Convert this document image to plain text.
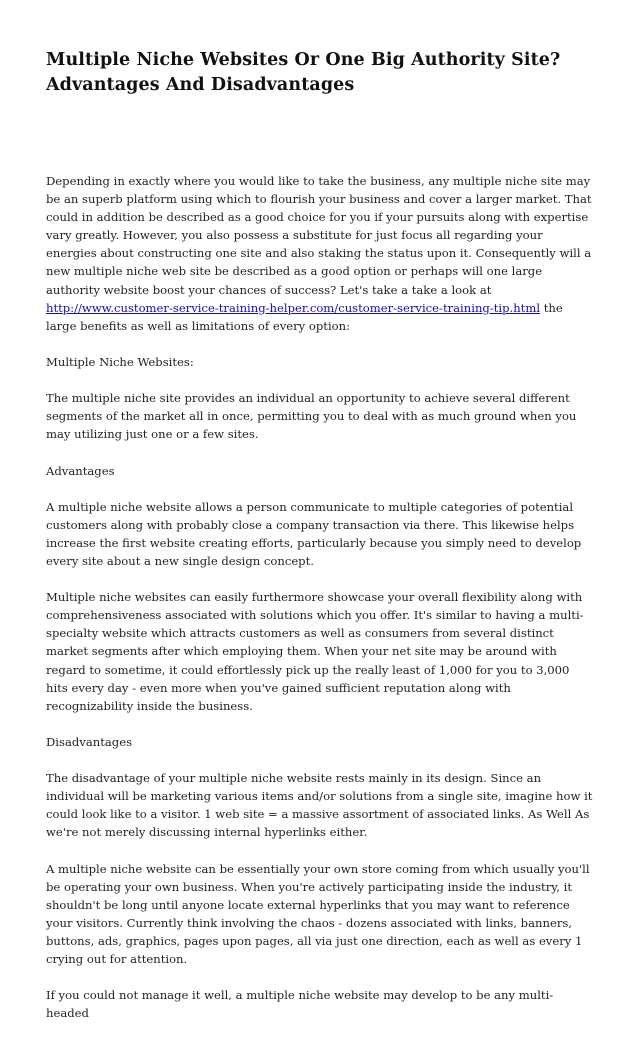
Multiple Niche Websites Or One Big Authority Site?
Advantages And Disadvantages

Depending in exactly where you would like to take the business, any multiple niche site may be an superb platform using which to flourish your business and cover a larger market. That could in addition be described as a good choice for you if your pursuits along with expertise vary greatly. However, you also possess a substitute for just focus all regarding your energies about constructing one site and also staking the status upon it. Consequently will a new multiple niche web site be described as a good option or perhaps will one large authority website boost your chances of success? Let's take a take a look at http://www.customer-service-training-helper.com/customer-service-training-tip.html the large benefits as well as limitations of every option:

Multiple Niche Websites:

The multiple niche site provides an individual an opportunity to achieve several different segments of the market all in once, permitting you to deal with as much ground when you may utilizing just one or a few sites.

Advantages

A multiple niche website allows a person communicate to multiple categories of potential customers along with probably close a company transaction via there. This likewise helps increase the first website creating efforts, particularly because you simply need to develop every site about a new single design concept.

Multiple niche websites can easily furthermore showcase your overall flexibility along with comprehensiveness associated with solutions which you offer. It's similar to having a multi-specialty website which attracts customers as well as consumers from several distinct market segments after which employing them. When your net site may be around with regard to sometime, it could effortlessly pick up the really least of 1,000 for you to 3,000 hits every day - even more when you've gained sufficient reputation along with recognizability inside the business.

Disadvantages

The disadvantage of your multiple niche website rests mainly in its design. Since an individual will be marketing various items and/or solutions from a single site, imagine how it could look like to a visitor. 1 web site = a massive assortment of associated links. As Well As we're not merely discussing internal hyperlinks either.

A multiple niche website can be essentially your own store coming from which usually you'll be operating your own business. When you're actively participating inside the industry, it shouldn't be long until anyone locate external hyperlinks that you may want to reference your visitors. Currently think involving the chaos - dozens associated with links, banners, buttons, ads, graphics, pages upon pages, all via just one direction, each as well as every 1 crying out for attention.

If you could not manage it well, a multiple niche website may develop to be any multi-headed
